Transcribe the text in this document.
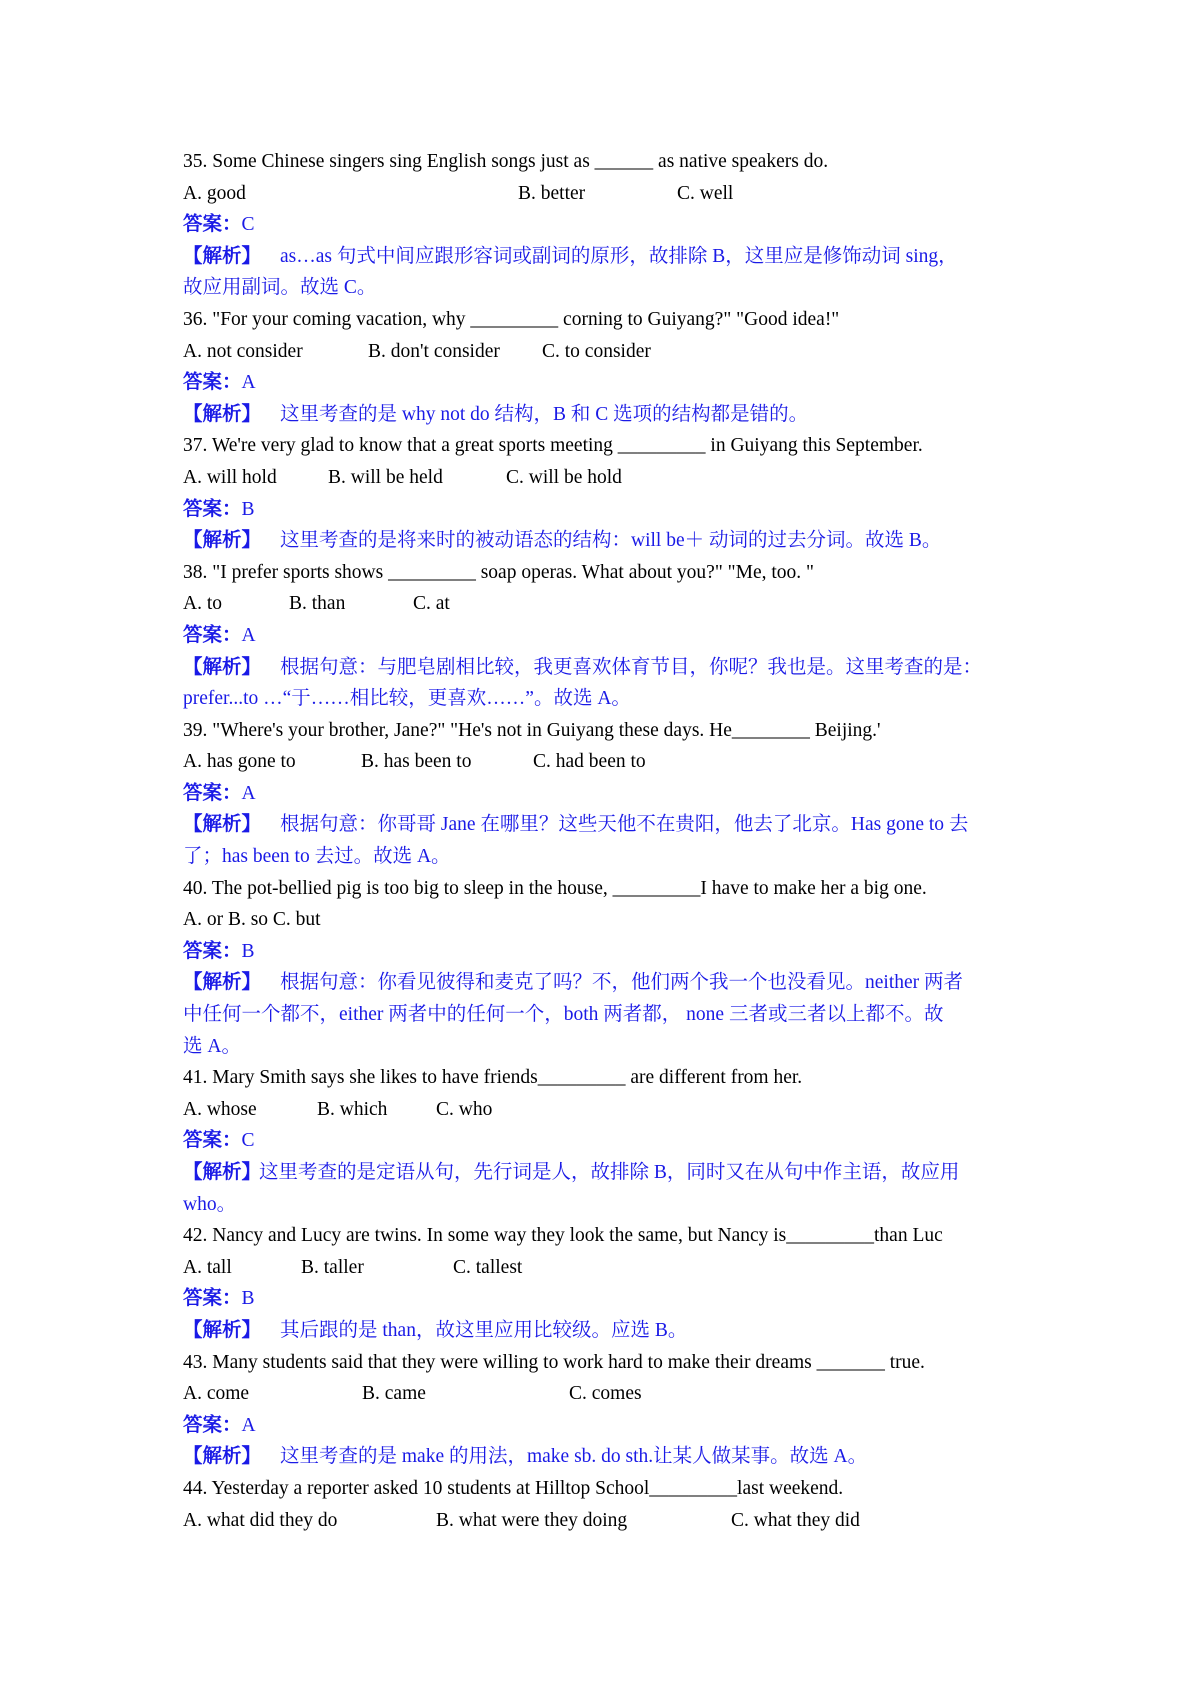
35. Some Chinese singers sing English songs just as ______ as native speakers do.
A. good	B. better	C. well
答案：C
【解析】 as…as 句式中间应跟形容词或副词的原形，故排除 B，这里应是修饰动词 sing，
故应用副词。故选 C。
36. "For your coming vacation, why _________ corning to Guiyang?" "Good idea!"
A. not consider	B. don't consider C. to consider
答案：A
【解析】 这里考查的是 why not do 结构，B 和 C 选项的结构都是错的。
37. We're very glad to know that a great sports meeting _________ in Guiyang this September.
A. will hold	B. will be held	C. will be hold
答案：B
【解析】 这里考查的是将来时的被动语态的结构：will be＋ 动词的过去分词。故选 B。
38. "I prefer sports shows _________ soap operas. What about you?" "Me, too. "
A. to	B. than	C. at
答案：A
【解析】 根据句意：与肥皂剧相比较，我更喜欢体育节目，你呢？我也是。这里考查的是：
prefer...to …“于……相比较，更喜欢……”。故选 A。
39. "Where's your brother, Jane?" "He's not in Guiyang these days. He________ Beijing.'
A. has gone to	B. has been to	C. had been to
答案：A
【解析】 根据句意：你哥哥 Jane 在哪里？这些天他不在贵阳，他去了北京。Has gone to 去
了；has been to 去过。故选 A。
40. The pot-bellied pig is too big to sleep in the house, _________I have to make her a big one.
A. or B. so C. but
答案：B
【解析】 根据句意：你看见彼得和麦克了吗？不，他们两个我一个也没看见。neither 两者
中任何一个都不，either 两者中的任何一个，both 两者都， none 三者或三者以上都不。故
选 A。
41. Mary Smith says she likes to have friends_________ are different from her.
A. whose	B. which C. who
答案：C
【解析】
这里考查的是定语从句，先行词是人，故排除 B，同时又在从句中作主语，故应用
who。
42. Nancy and Lucy are twins. In some way they look the same, but Nancy is_________than Luc
A. tall	B. taller	C. tallest
答案：B
【解析】 其后跟的是 than，故这里应用比较级。应选 B。
43. Many students said that they were willing to work hard to make their dreams _______ true.
A. come	B. came	C. comes
答案：A
【解析】 这里考查的是 make 的用法，make sb. do sth.让某人做某事。故选 A。
44. Yesterday a reporter asked 10 students at Hilltop School_________last weekend.
A. what did they do	B. what were they doing	C. what they did
